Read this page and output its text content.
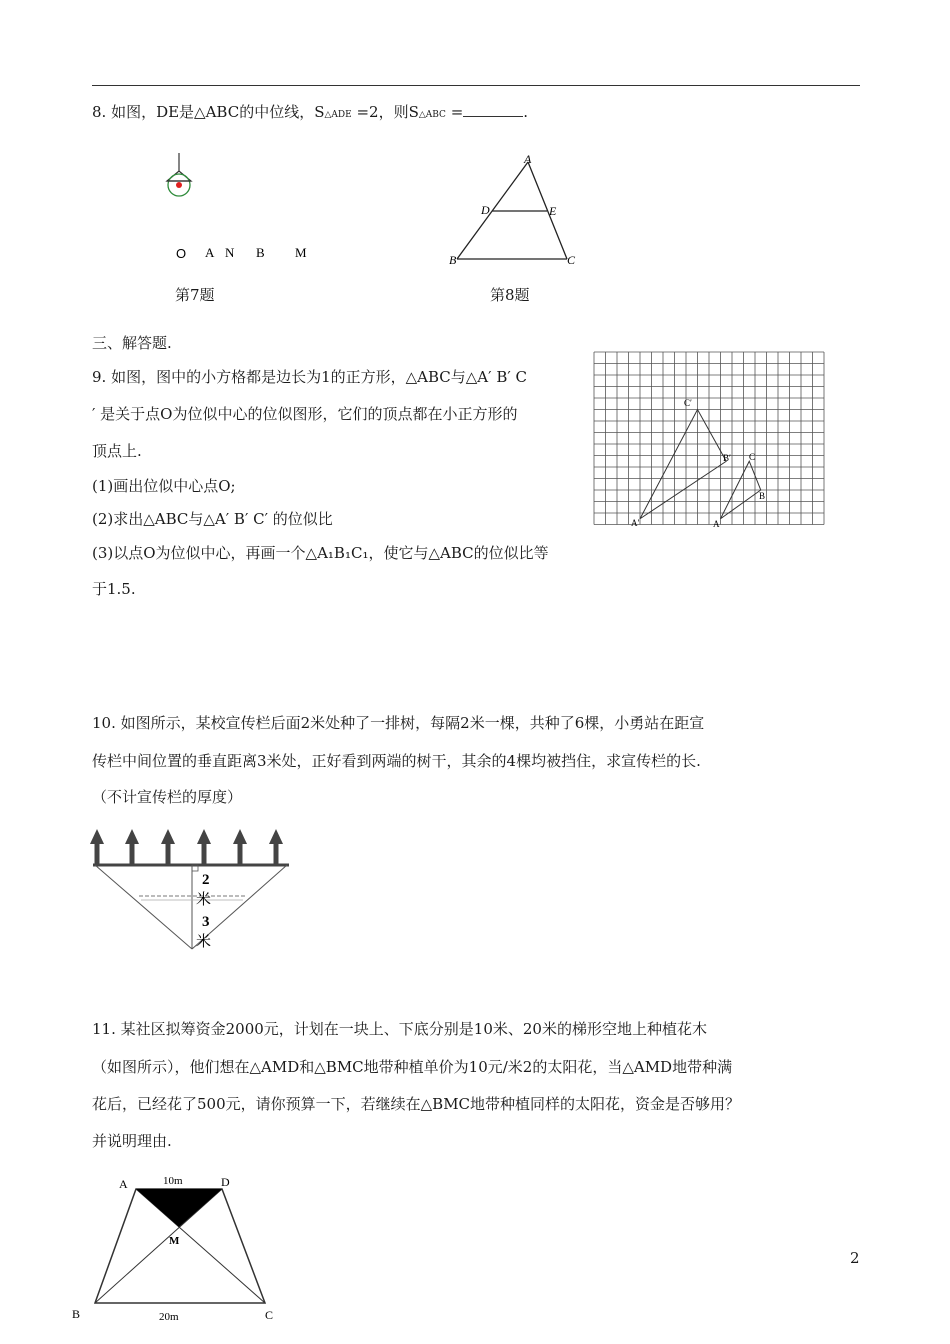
8. 如图，DE是△ABC的中位线，S△ADE =2，则S△ABC =	.
O A N B M
第7题
A
D	E
B	C
第8题
三、解答题.
9. 如图，图中的小方格都是边长为1的正方形，△ABC与△A′ B′ C
′ 是关于点O为位似中心的位似图形，它们的顶点都在小正方形的
顶点上.
(1)画出位似中心点O;
(2)求出△ABC与△A′ B′ C′ 的位似比
(3)以点O为位似中心，再画一个△A₁B₁C₁，使它与△ABC的位似比等
于1.5.
C′
B′ C
B
A′	A
10. 如图所示，某校宣传栏后面2米处种了一排树，每隔2米一棵，共种了6棵，小勇站在距宣
传栏中间位置的垂直距离3米处，正好看到两端的树干，其余的4棵均被挡住，求宣传栏的长.
（不计宣传栏的厚度）
2
米
3
米
11. 某社区拟筹资金2000元，计划在一块上、下底分别是10米、20米的梯形空地上种植花木
（如图所示），他们想在△AMD和△BMC地带种植单价为10元/米2的太阳花，当△AMD地带种满
花后，已经花了500元，请你预算一下，若继续在△BMC地带种植同样的太阳花，资金是否够用？
并说明理由.
A	D
B	C
M
10m
20m
2
